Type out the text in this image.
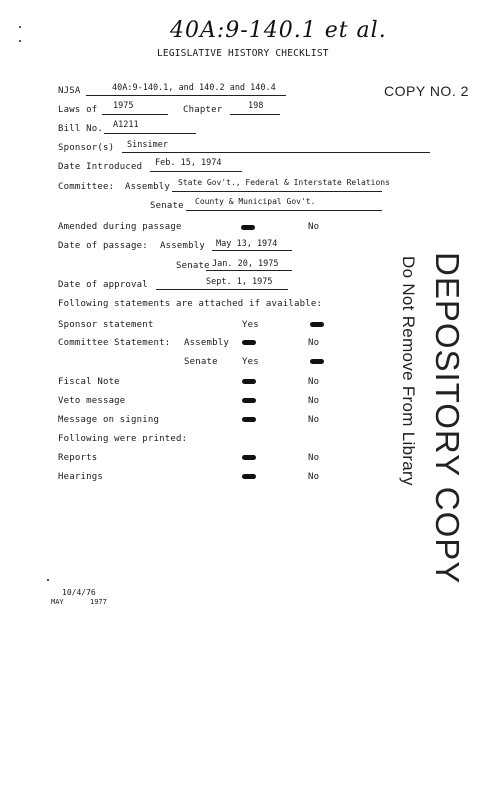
40A:9-140.1 et al.
LEGISLATIVE HISTORY CHECKLIST
COPY NO. 2
NJSA	40A:9-140.1, and 140.2 and 140.4
Laws of 1975	Chapter	198
Bill No. A1211
Sponsor(s) Sinsimer
Date Introduced Feb. 15, 1974
Committee: Assembly State Gov't., Federal & Interstate Relations
Senate County & Municipal Gov't.
Amended during passage	No
Date of passage: Assembly May 13, 1974
Senate Jan. 20, 1975
Date of approval	Sept. 1, 1975
Following statements are attached if available:
Sponsor statement	Yes
Committee Statement: Assembly	No
Senate	Yes
Fiscal Note	No
Veto message	No
Message on signing	No
Following were printed:
Reports	No
Hearings	No	DEPOSITORY COPY
Do Not Remove From Library
10/4/76
MAY	1977
